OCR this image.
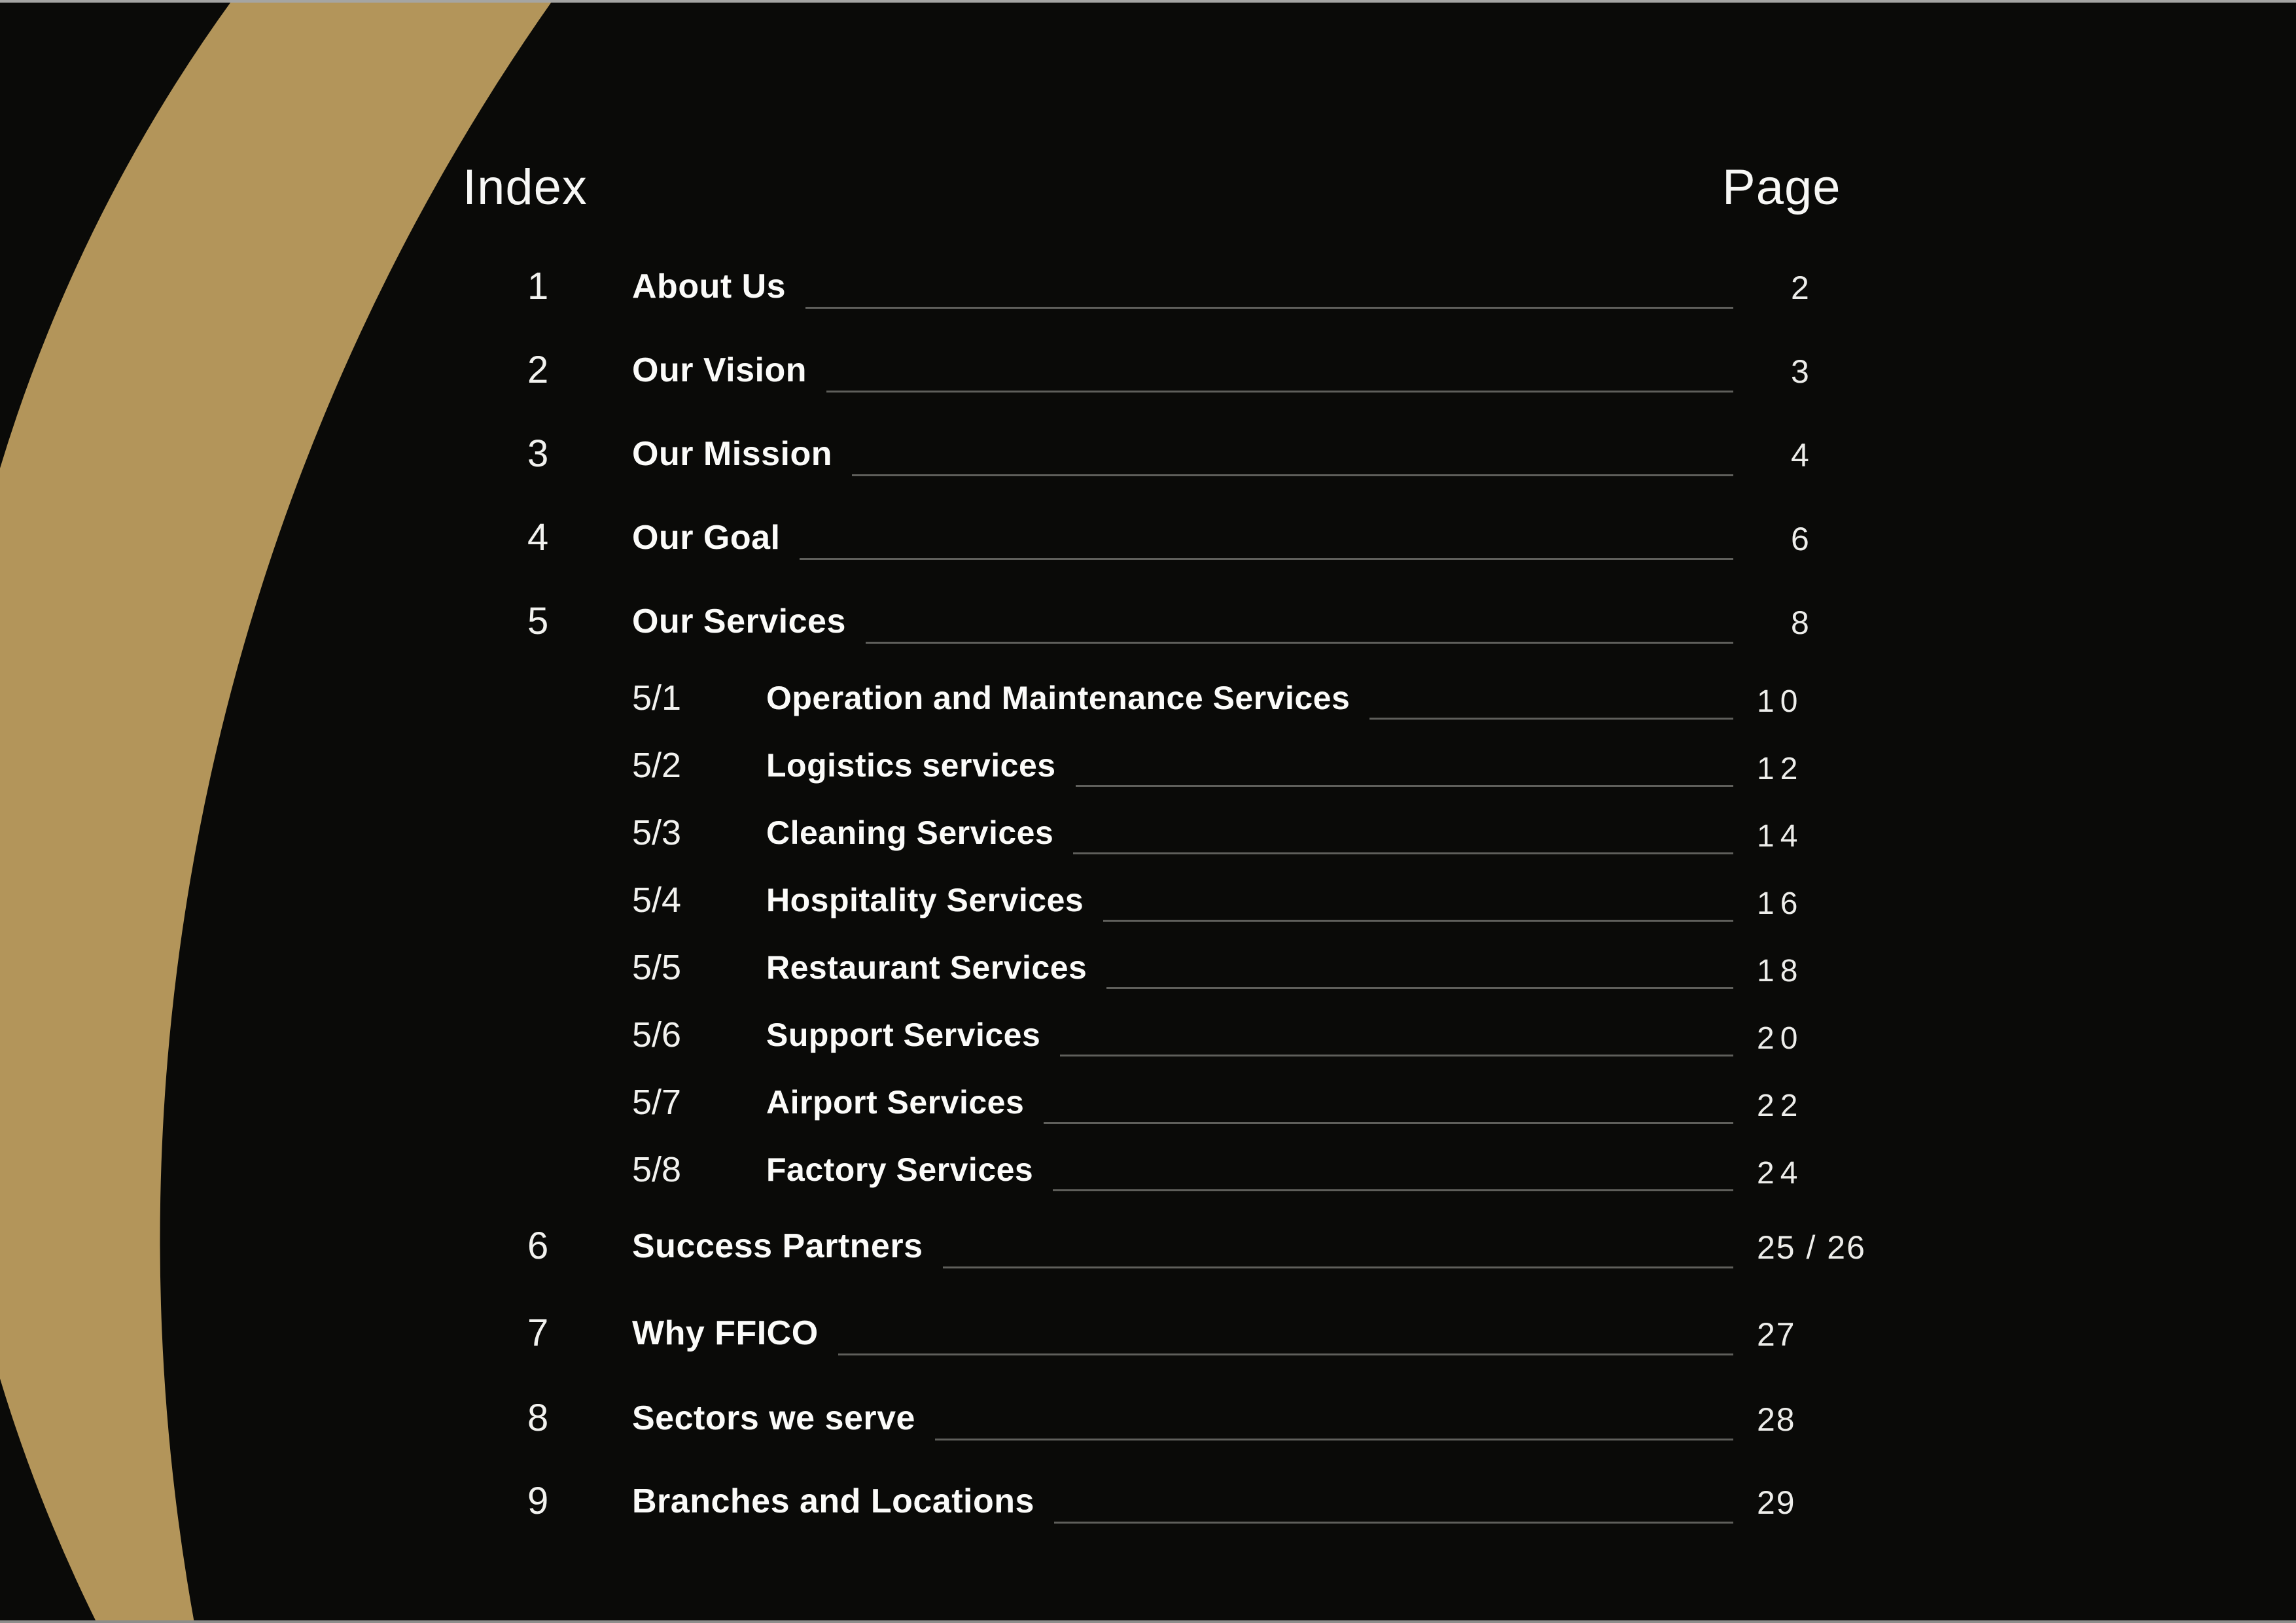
Index	Page
1	About Us	2
2	Our Vision	3
3	Our Mission	4
4	Our Goal	6
5	Our Services	8
5/1	Operation and Maintenance Services	10
5/2	Logistics services	12
5/3	Cleaning Services	14
5/4	Hospitality Services	16
5/5	Restaurant Services	18
5/6	Support Services	20
5/7	Airport Services	22
5/8	Factory Services	24
6	Success Partners	25 / 26
7	Why FFICO	27
8	Sectors we serve	28
9	Branches and Locations	29
